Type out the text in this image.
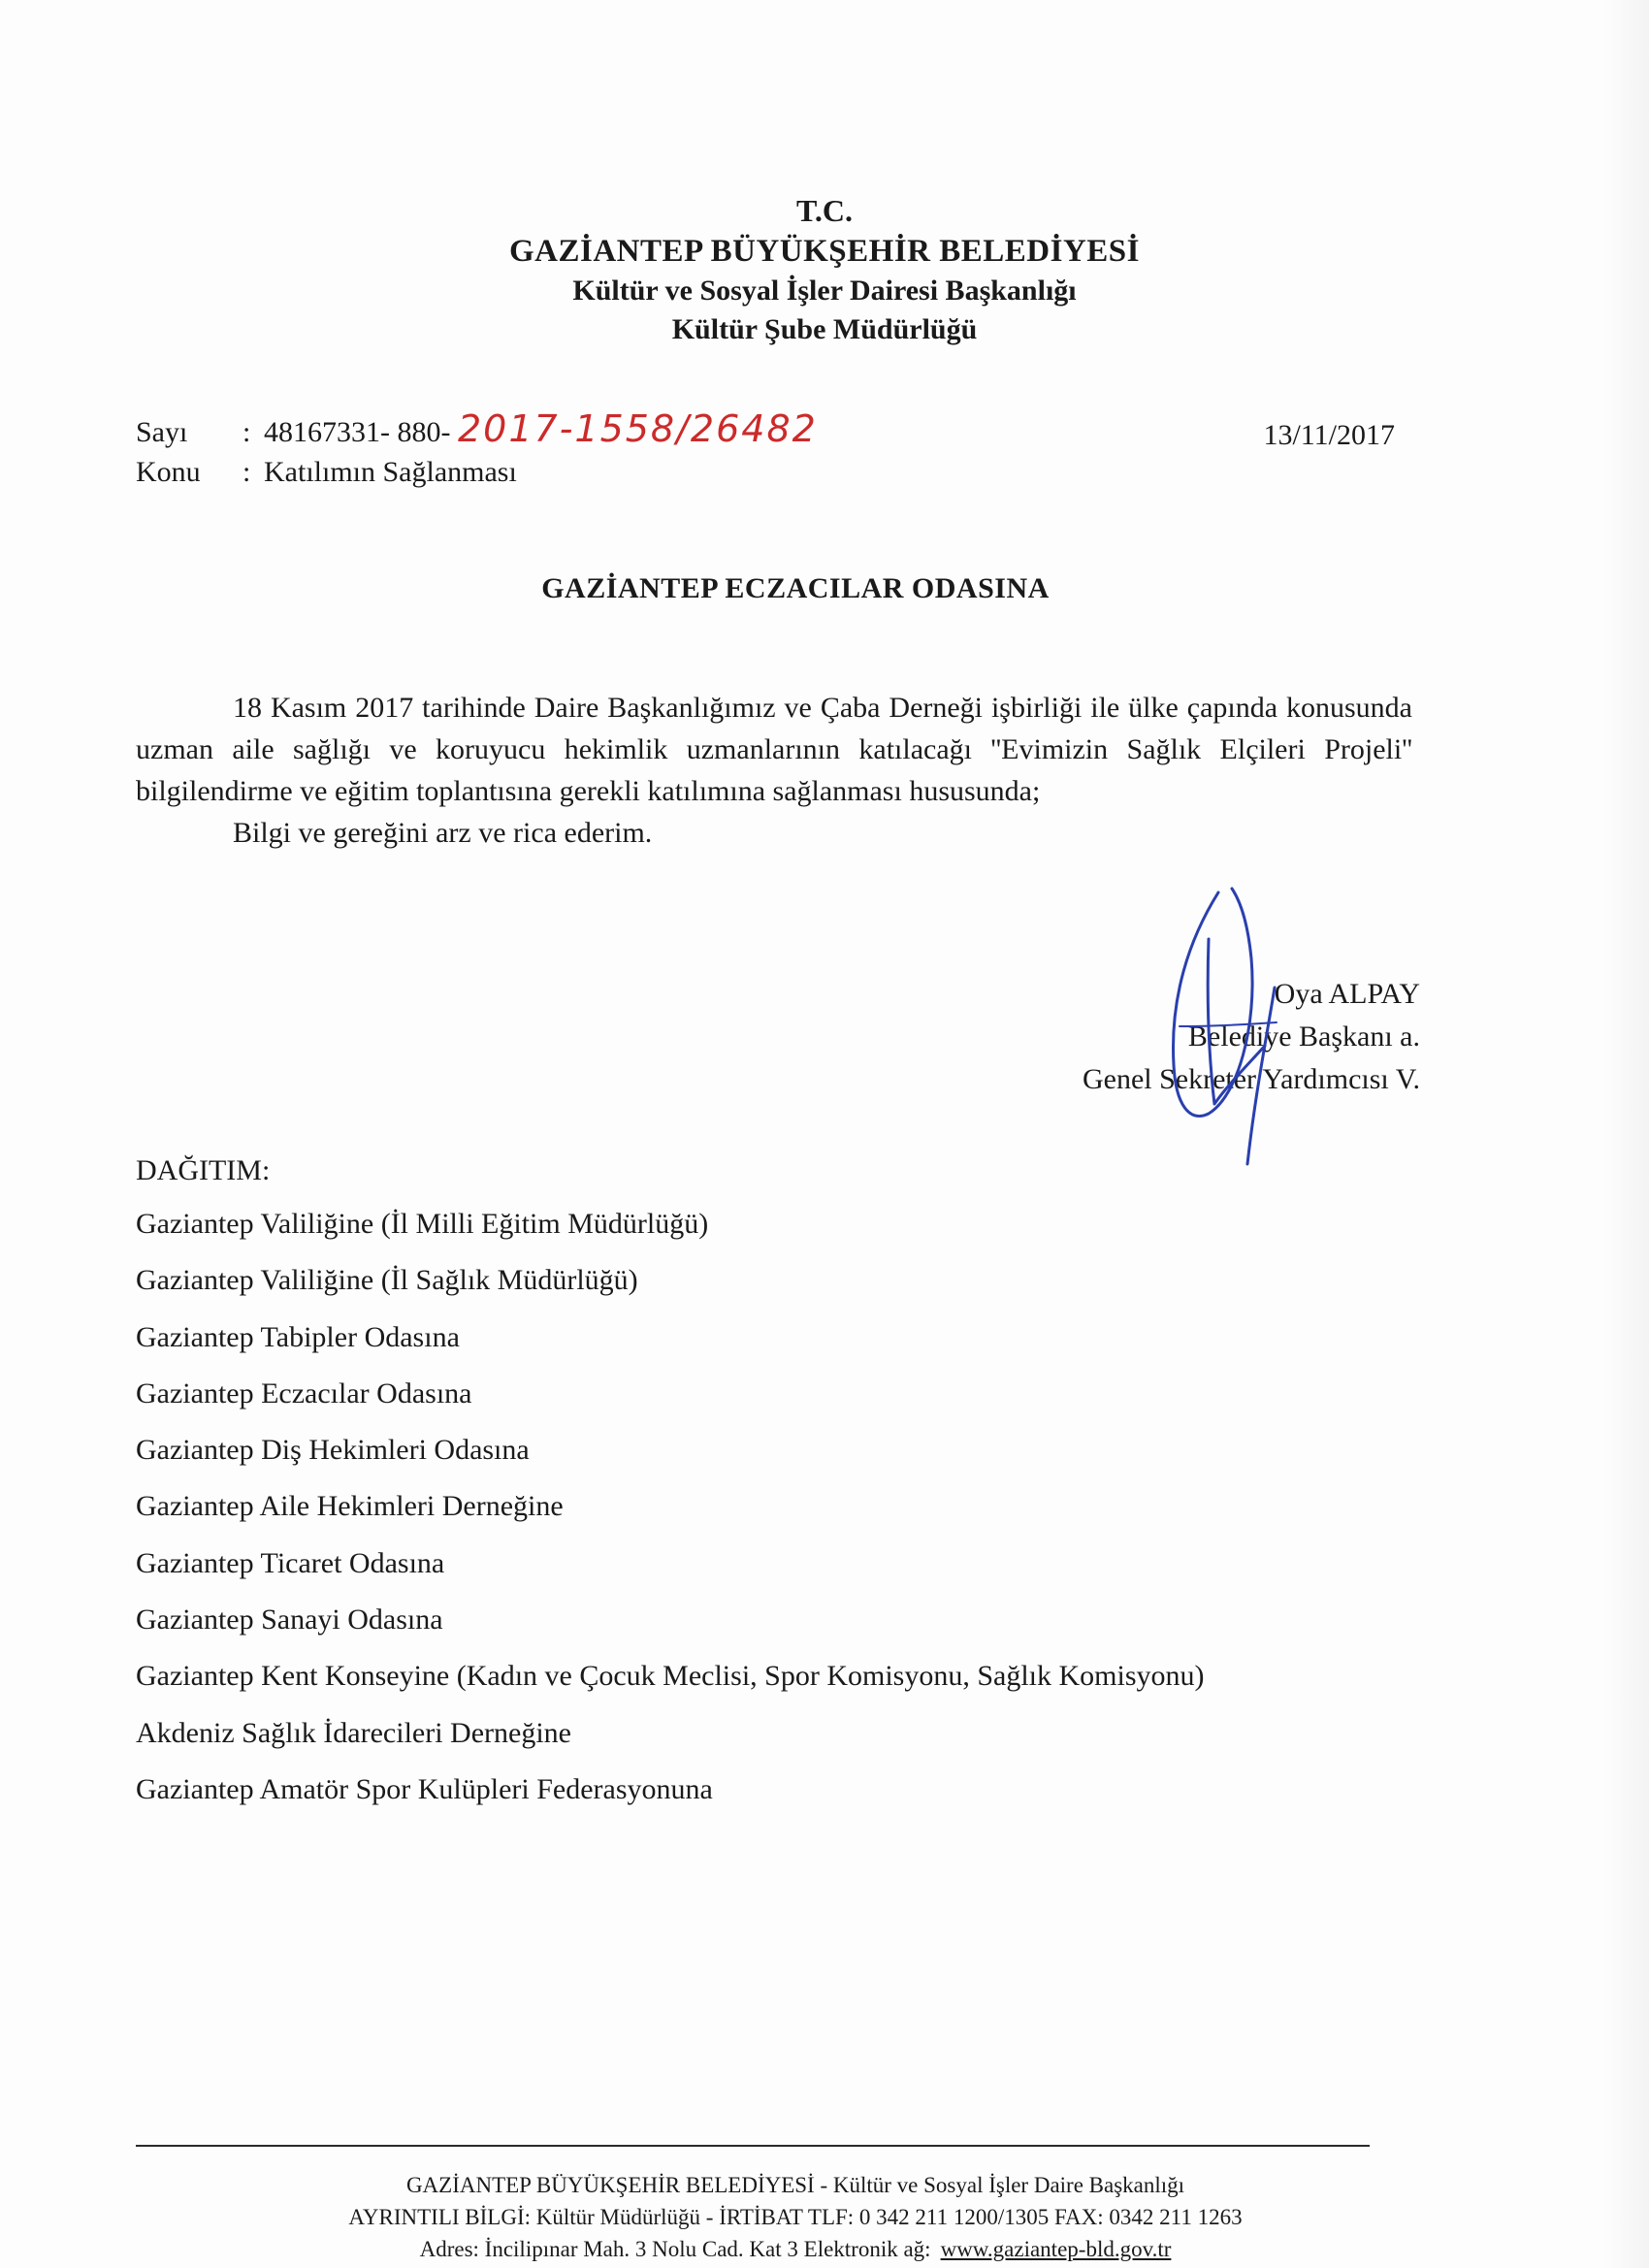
T.C.
GAZİANTEP BÜYÜKŞEHİR BELEDİYESİ
Kültür ve Sosyal İşler Dairesi Başkanlığı
Kültür Şube Müdürlüğü
Sayı : 48167331- 880- 2017-1558/26482
Konu : Katılımın Sağlanması
13/11/2017
GAZİANTEP ECZACILAR ODASINA

18 Kasım 2017 tarihinde Daire Başkanlığımız ve Çaba Derneği işbirliği ile ülke çapında konusunda uzman aile sağlığı ve koruyucu hekimlik uzmanlarının katılacağı ''Evimizin Sağlık Elçileri Projeli'' bilgilendirme ve eğitim toplantısına gerekli katılımına sağlanması hususunda;

Bilgi ve gereğini arz ve rica ederim.

Oya ALPAY
Belediye Başkanı a.
Genel Sekreter Yardımcısı V.
DAĞITIM:
Gaziantep Valiliğine (İl Milli Eğitim Müdürlüğü)
Gaziantep Valiliğine (İl Sağlık Müdürlüğü)
Gaziantep Tabipler Odasına
Gaziantep Eczacılar Odasına
Gaziantep Diş Hekimleri Odasına
Gaziantep Aile Hekimleri Derneğine
Gaziantep Ticaret Odasına
Gaziantep Sanayi Odasına
Gaziantep Kent Konseyine (Kadın ve Çocuk Meclisi, Spor Komisyonu, Sağlık Komisyonu)
Akdeniz Sağlık İdarecileri Derneğine
Gaziantep Amatör Spor Kulüpleri Federasyonuna
GAZİANTEP BÜYÜKŞEHİR BELEDİYESİ - Kültür ve Sosyal İşler Daire Başkanlığı
AYRINTILI BİLGİ: Kültür Müdürlüğü - İRTİBAT TLF: 0 342 211 1200/1305 FAX: 0342 211 1263
Adres: İncilipınar Mah. 3 Nolu Cad. Kat 3 Elektronik ağ: www.gaziantep-bld.gov.tr
